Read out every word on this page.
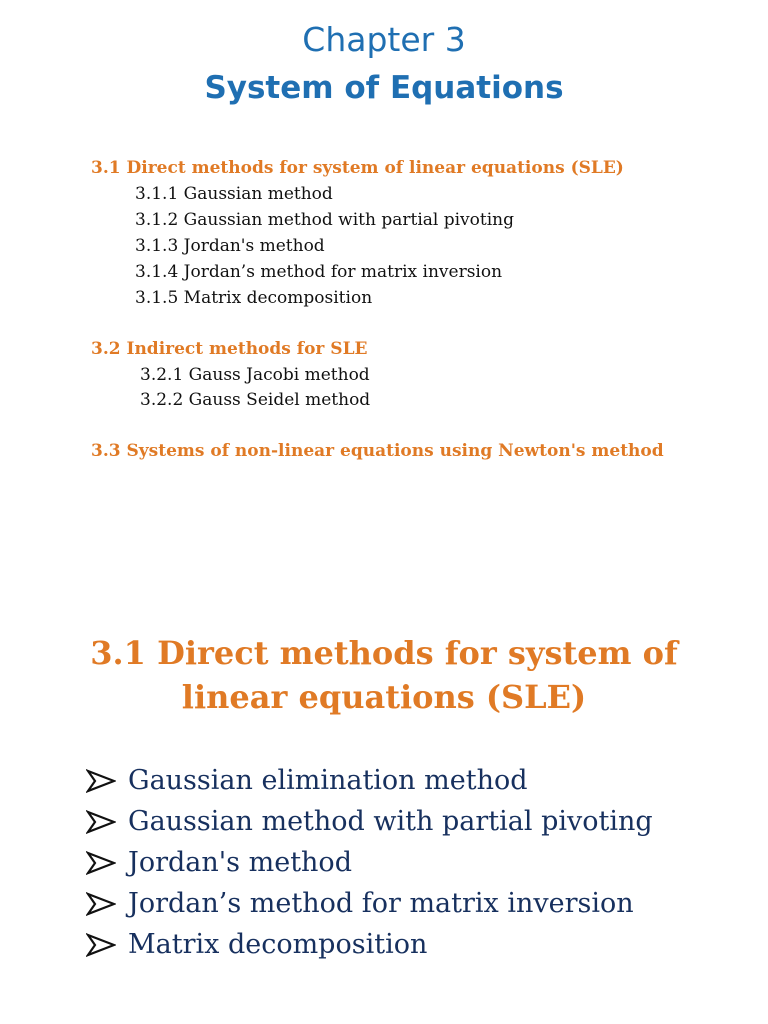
Chapter 3
System of Equations
3.1 Direct methods for system of linear equations (SLE)
3.1.1 Gaussian method
3.1.2 Gaussian method with partial pivoting
3.1.3 Jordan's method
3.1.4 Jordan’s method for matrix inversion
3.1.5 Matrix decomposition
3.2 Indirect methods for SLE
3.2.1 Gauss Jacobi method
3.2.2 Gauss Seidel method
3.3 Systems of non-linear equations using Newton's method
3.1 Direct methods for system of
linear equations (SLE)
Gaussian elimination method
Gaussian method with partial pivoting
Jordan's method
Jordan’s method for matrix inversion
Matrix decomposition
